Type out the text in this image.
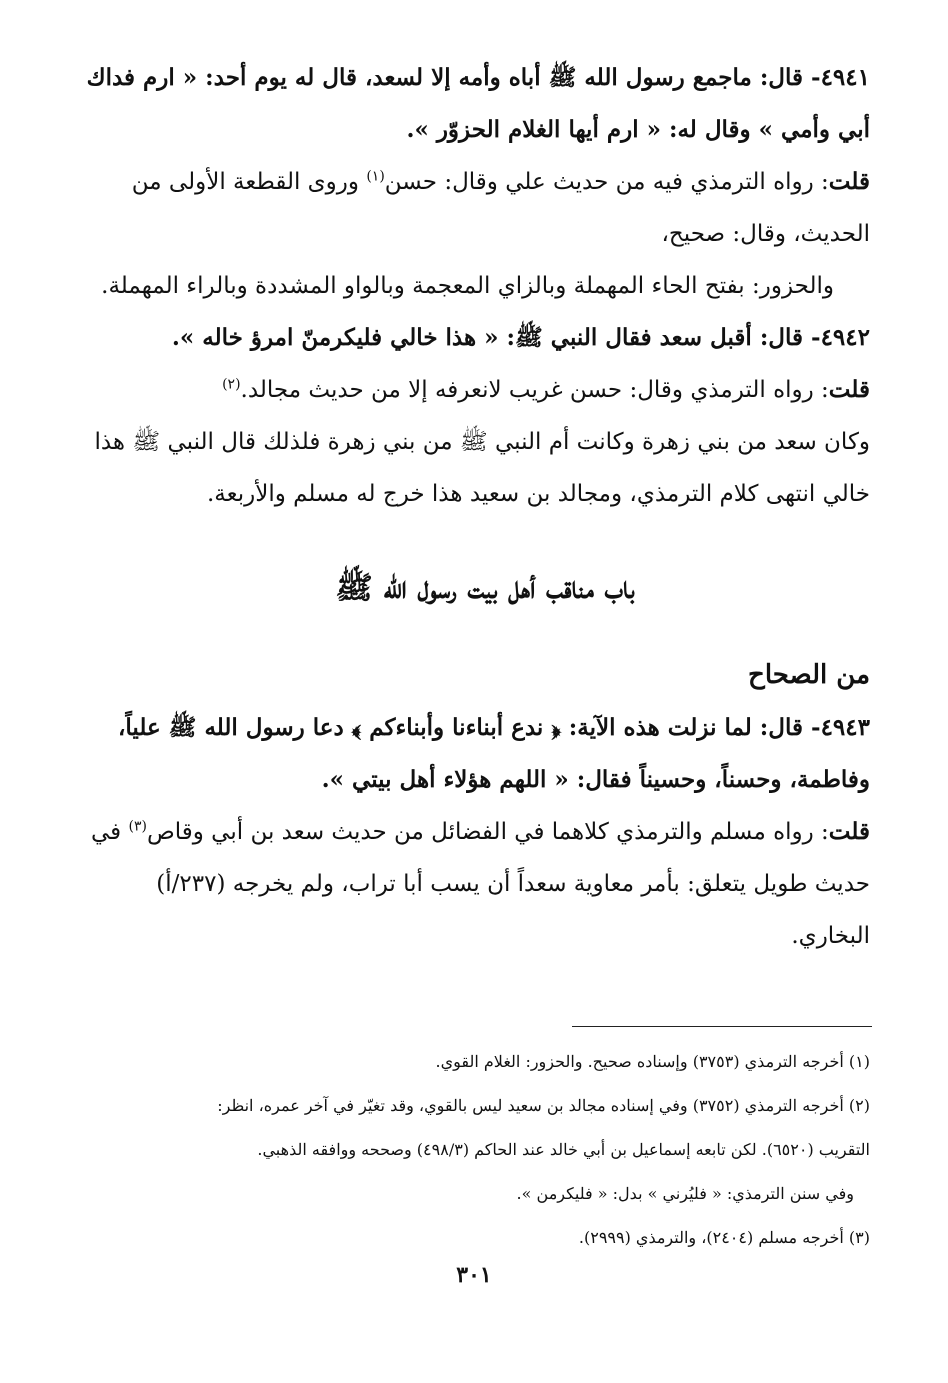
٤٩٤١- قال: ماجمع رسول الله ﷺ أباه وأمه إلا لسعد، قال له يوم أحد: « ارم فداك
أبي وأمي » وقال له: « ارم أيها الغلام الحزوّر ».
قلت: رواه الترمذي فيه من حديث علي وقال: حسن$^{(١)}$ وروى القطعة الأولى من
الحديث، وقال: صحيح،
والحزور: بفتح الحاء المهملة وبالزاي المعجمة وبالواو المشددة وبالراء المهملة.
٤٩٤٢- قال: أقبل سعد فقال النبي ﷺ: « هذا خالي فليكرمنّ امرؤ خاله ».
قلت: رواه الترمذي وقال: حسن غريب لانعرفه إلا من حديث مجالد.$^{(٢)}$
وكان سعد من بني زهرة وكانت أم النبي ﷺ من بني زهرة فلذلك قال النبي ﷺ هذا
خالي انتهى كلام الترمذي، ومجالد بن سعيد هذا خرج له مسلم والأربعة.
باب مناقب أهل بيت رسول الله ﷺ
من الصحاح
٤٩٤٣- قال: لما نزلت هذه الآية: ﴿ ندع أبناءنا وأبناءكم ﴾ دعا رسول الله ﷺ علياً،
وفاطمة، وحسناً، وحسيناً فقال: « اللهم هؤلاء أهل بيتي ».
قلت: رواه مسلم والترمذي كلاهما في الفضائل من حديث سعد بن أبي وقاص$^{(٣)}$ في
حديث طويل يتعلق: بأمر معاوية سعداً أن يسب أبا تراب، ولم يخرجه (٢٣٧/أ)
البخاري.
(١) أخرجه الترمذي (٣٧٥٣) وإسناده صحيح. والحزور: الغلام القوي.
(٢) أخرجه الترمذي (٣٧٥٢) وفي إسناده مجالد بن سعيد ليس بالقوي، وقد تغيّر في آخر عمره، انظر:
التقريب (٦٥٢٠). لكن تابعه إسماعيل بن أبي خالد عند الحاكم (٤٩٨/٣) وصححه ووافقه الذهبي.
وفي سنن الترمذي: « فليُرني » بدل: « فليكرمن ».
(٣) أخرجه مسلم (٢٤٠٤)، والترمذي (٢٩٩٩).
٣٠١
